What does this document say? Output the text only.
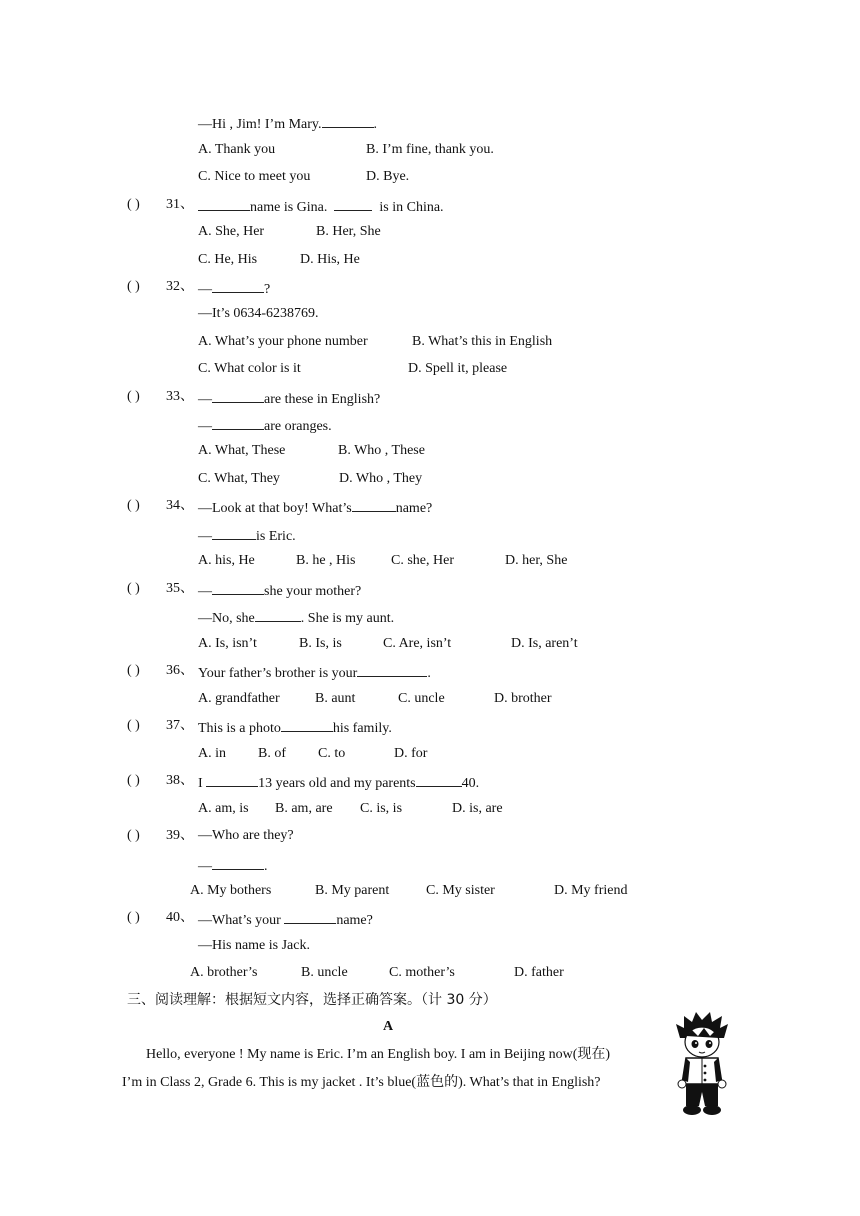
—Hi , Jim! I’m Mary.	.
A. Thank you	B. I’m fine, thank you.
C. Nice to meet you	D. Bye.
( ) 31、	name is Gina.	is in China.
A. She, Her	B. Her, She
C. He, His	D. His, He
( ) 32、 —	?
—It’s 0634-6238769.
A. What’s your phone number	B. What’s this in English
C. What color is it	D. Spell it, please
( ) 33、 —	are these in English?
—	are oranges.
A. What, These	B. Who , These
C. What, They	D. Who , They
( ) 34、 —Look at that boy! What’s	name?
—	is Eric.
A. his, He	B. he , His	C. she, Her	D. her, She
( ) 35、 —	she your mother?
—No, she	. She is my aunt.
A. Is, isn’t	B. Is, is	C. Are, isn’t	D. Is, aren’t
( ) 36、 Your father’s brother is your	.
A. grandfather	B. aunt	C. uncle	D. brother
( ) 37、 This is a photo	his family.
A. in B. of C. to	D. for
( ) 38、 I	13 years old and my parents	40.
A. am, is B. am, are C. is, is	D. is, are
( ) 39、 —Who are they?
—	.
A. My bothers	B. My parent	C. My sister	D. My friend
( ) 40、 —What’s your	name?
—His name is Jack.
A. brother’s	B. uncle	C. mother’s	D. father
三、阅读理解：根据短文内容，选择正确答案。（计 30 分）
A
Hello, everyone ! My name is Eric. I’m an English boy. I am in Beijing now(现在)
I’m in Class 2, Grade 6. This is my jacket . It’s blue(蓝色的). What’s that in English?
